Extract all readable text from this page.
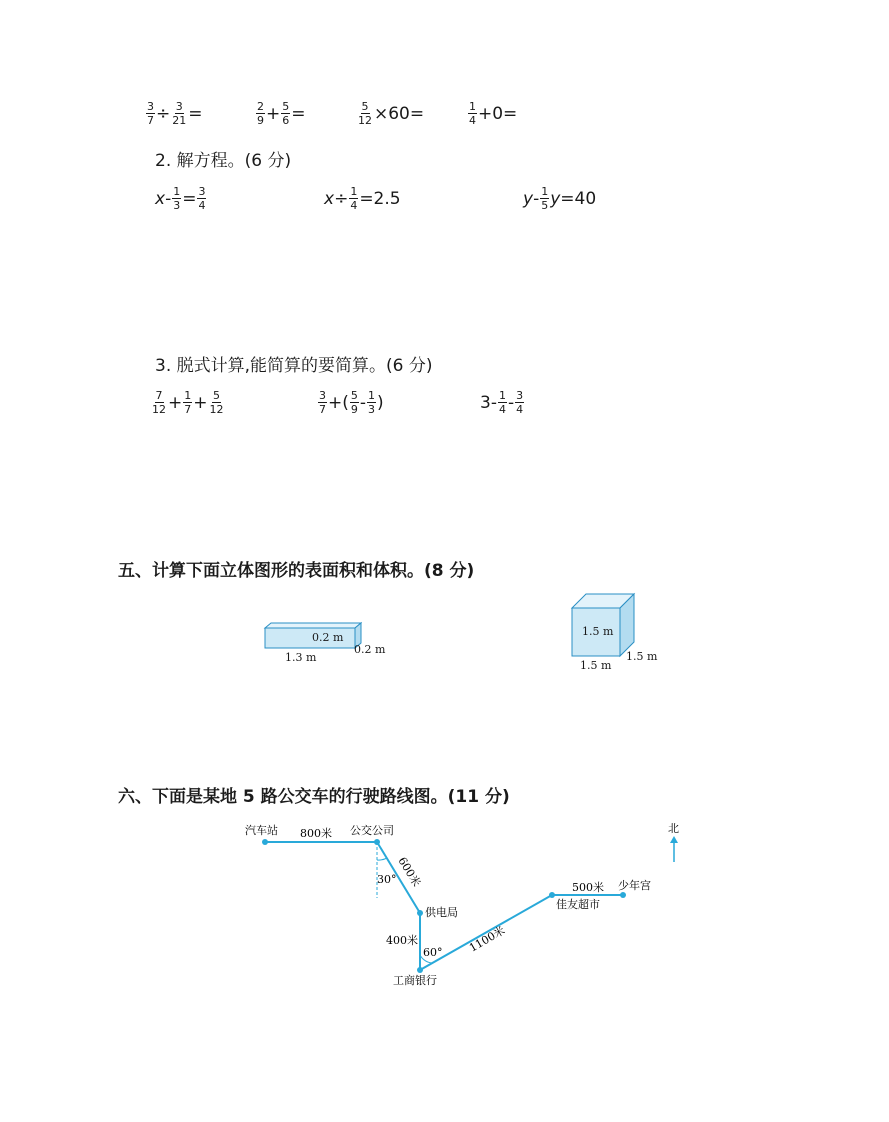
$\frac{3}{7} \div \frac{3}{21}$ =	$\frac{2}{9} + \frac{5}{6}$ =	$\frac{5}{12} \times 60=$	$\frac{1}{4} +0=$
2. 解方程。(6 分)
$x - \frac{1}{3} = \frac{3}{4}$	$x \div \frac{1}{4} =2.5$	y - $\frac{1}{5}$ y =40
3. 脱式计算,能简算的要简算。(6 分)
$\frac{7}{12} + \frac{1}{7} + \frac{5}{12}$	$\frac{3}{7}$ +( $\frac{5}{9} - \frac{1}{3}$ )	$3- \frac{1}{4} - \frac{3}{4}$
五、计算下面立体图形的表面积和体积。(8 分)
0.2 m
0.2 m
1.3 m
1.5 m
1.5 m
1.5 m
六、下面是某地 5 路公交车的行驶路线图。(11 分)
北
汽车站	公交公司
供电局
工商银行
佳友超市
少年宫
800米
600米
400米	1100米
500米
30°
60°
